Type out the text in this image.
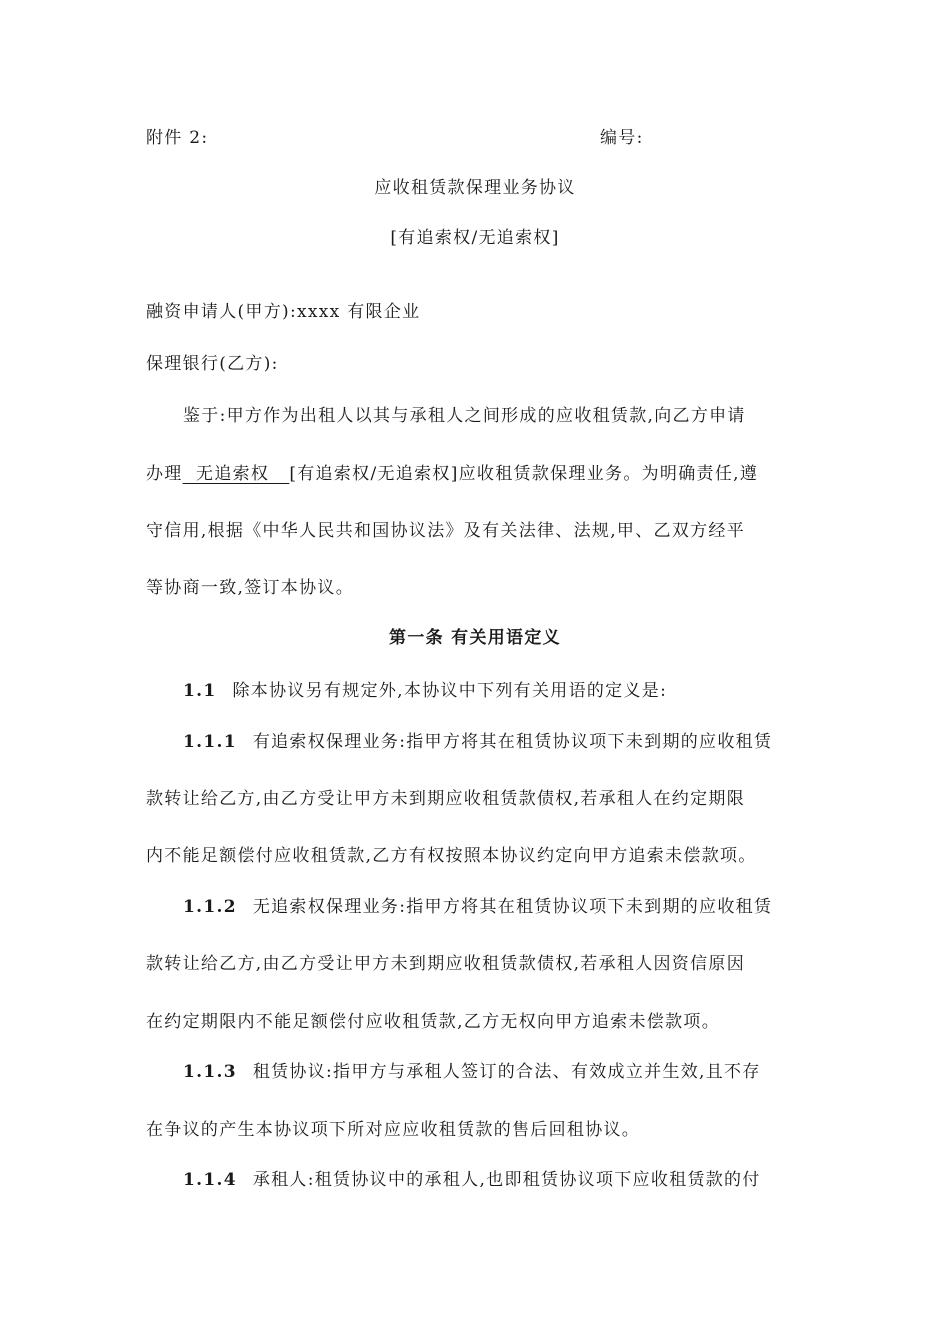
附件 2:	编号:
应收租赁款保理业务协议
[有追索权/无追索权]
融资申请人(甲方):xxxx 有限企业
保理银行(乙方):
鉴于:甲方作为出租人以其与承租人之间形成的应收租赁款,向乙方申请
办理  无追索权   [有追索权/无追索权]应收租赁款保理业务。为明确责任,遵
守信用,根据《中华人民共和国协议法》及有关法律、法规,甲、乙双方经平
等协商一致,签订本协议。
第一条 有关用语定义
1.1 除本协议另有规定外,本协议中下列有关用语的定义是:
1.1.1 有追索权保理业务:指甲方将其在租赁协议项下未到期的应收租赁
款转让给乙方,由乙方受让甲方未到期应收租赁款债权,若承租人在约定期限
内不能足额偿付应收租赁款,乙方有权按照本协议约定向甲方追索未偿款项。
1.1.2 无追索权保理业务:指甲方将其在租赁协议项下未到期的应收租赁
款转让给乙方,由乙方受让甲方未到期应收租赁款债权,若承租人因资信原因
在约定期限内不能足额偿付应收租赁款,乙方无权向甲方追索未偿款项。
1.1.3 租赁协议:指甲方与承租人签订的合法、有效成立并生效,且不存
在争议的产生本协议项下所对应应收租赁款的售后回租协议。
1.1.4 承租人:租赁协议中的承租人,也即租赁协议项下应收租赁款的付
